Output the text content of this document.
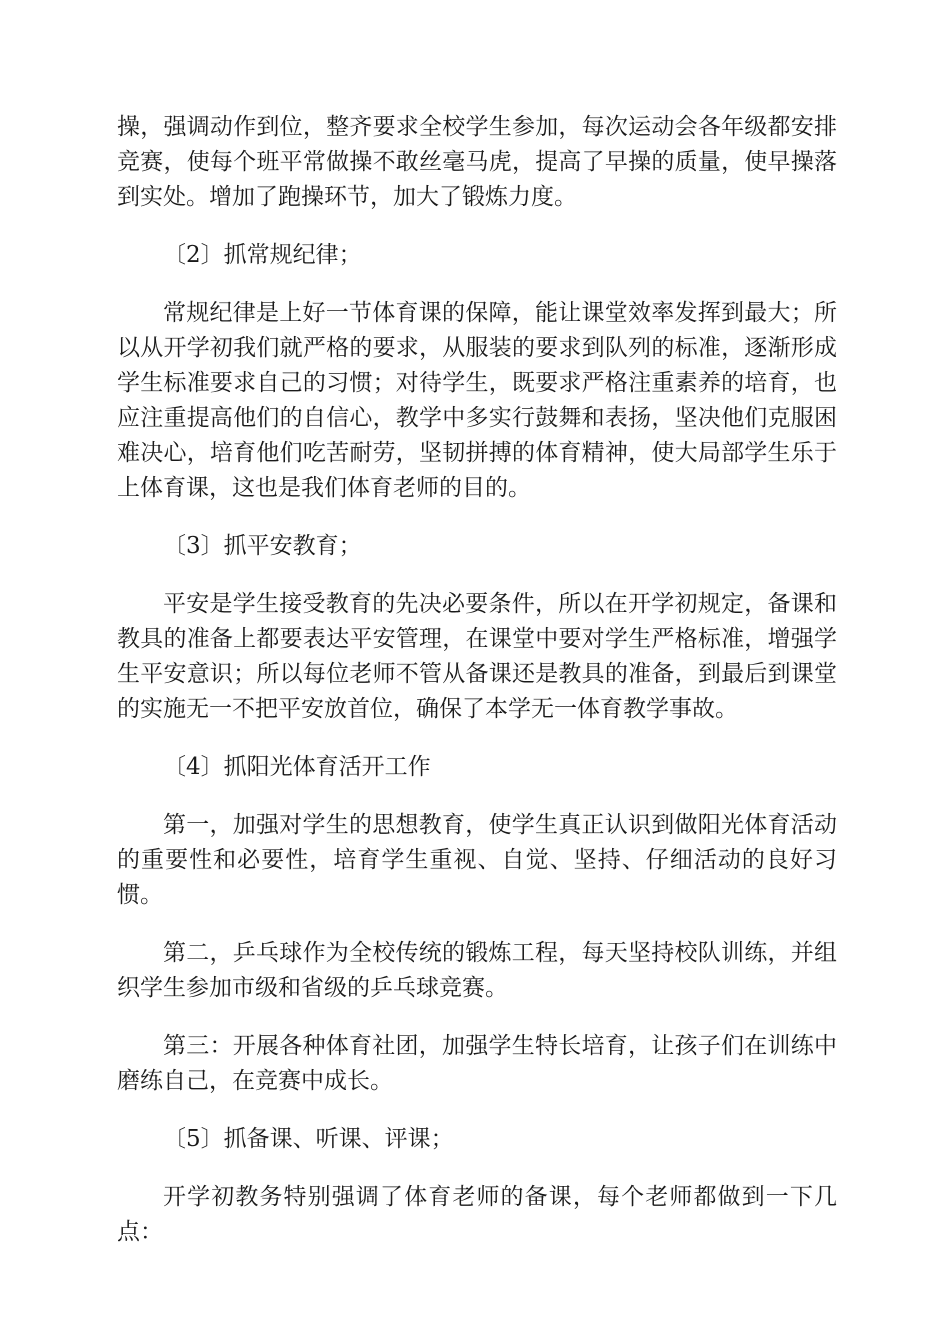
操，强调动作到位，整齐要求全校学生参加，每次运动会各年级都安排竞赛，使每个班平常做操不敢丝毫马虎，提高了早操的质量，使早操落到实处。增加了跑操环节，加大了锻炼力度。

〔2〕抓常规纪律；

常规纪律是上好一节体育课的保障，能让课堂效率发挥到最大；所以从开学初我们就严格的要求，从服装的要求到队列的标准，逐渐形成学生标准要求自己的习惯；对待学生，既要求严格注重素养的培育，也应注重提高他们的自信心，教学中多实行鼓舞和表扬，坚决他们克服困难决心，培育他们吃苦耐劳，坚韧拼搏的体育精神，使大局部学生乐于上体育课，这也是我们体育老师的目的。

〔3〕抓平安教育；

平安是学生接受教育的先决必要条件，所以在开学初规定，备课和教具的准备上都要表达平安管理，在课堂中要对学生严格标准，增强学生平安意识；所以每位老师不管从备课还是教具的准备，到最后到课堂的实施无一不把平安放首位，确保了本学无一体育教学事故。

〔4〕抓阳光体育活开工作

第一，加强对学生的思想教育，使学生真正认识到做阳光体育活动的重要性和必要性，培育学生重视、自觉、坚持、仔细活动的良好习惯。

第二，乒乓球作为全校传统的锻炼工程，每天坚持校队训练，并组织学生参加市级和省级的乒乓球竞赛。

第三：开展各种体育社团，加强学生特长培育，让孩子们在训练中磨练自己，在竞赛中成长。

〔5〕抓备课、听课、评课；

开学初教务特别强调了体育老师的备课，每个老师都做到一下几点：
